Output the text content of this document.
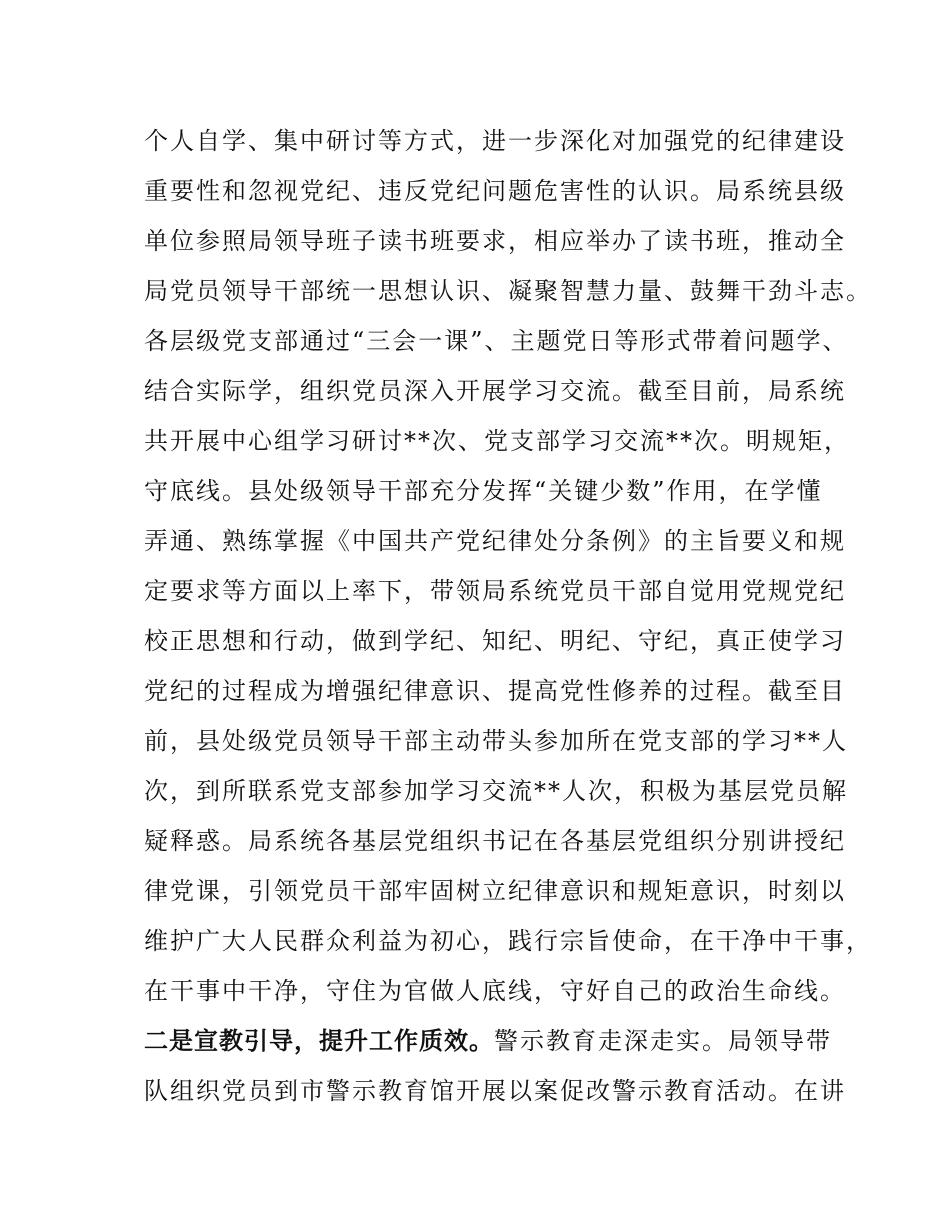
个人自学、集中研讨等方式，进一步深化对加强党的纪律建设
重要性和忽视党纪、违反党纪问题危害性的认识。局系统县级
单位参照局领导班子读书班要求，相应举办了读书班，推动全
局党员领导干部统一思想认识、凝聚智慧力量、鼓舞干劲斗志。
各层级党支部通过“三会一课”、主题党日等形式带着问题学、
结合实际学，组织党员深入开展学习交流。截至目前，局系统
共开展中心组学习研讨**次、党支部学习交流**次。明规矩，
守底线。县处级领导干部充分发挥“关键少数”作用，在学懂
弄通、熟练掌握《中国共产党纪律处分条例》的主旨要义和规
定要求等方面以上率下，带领局系统党员干部自觉用党规党纪
校正思想和行动，做到学纪、知纪、明纪、守纪，真正使学习
党纪的过程成为增强纪律意识、提高党性修养的过程。截至目
前，县处级党员领导干部主动带头参加所在党支部的学习**人
次，到所联系党支部参加学习交流**人次，积极为基层党员解
疑释惑。局系统各基层党组织书记在各基层党组织分别讲授纪
律党课，引领党员干部牢固树立纪律意识和规矩意识，时刻以
维护广大人民群众利益为初心，践行宗旨使命，在干净中干事，
在干事中干净，守住为官做人底线，守好自己的政治生命线。
二是宣教引导，提升工作质效。警示教育走深走实。局领导带
队组织党员到市警示教育馆开展以案促改警示教育活动。在讲
